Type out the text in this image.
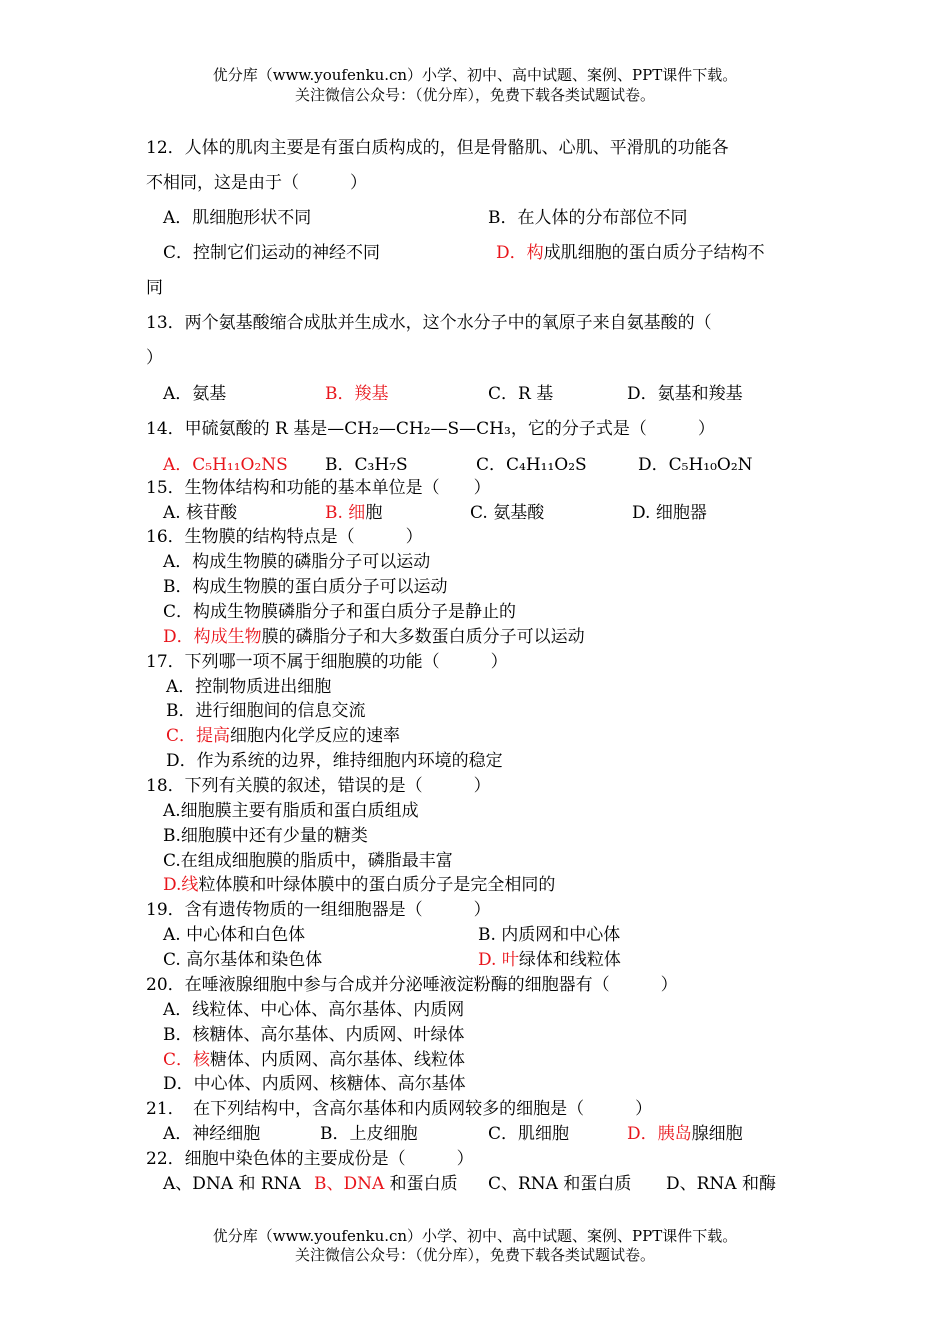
优分库（www.youfenku.cn）小学、初中、高中试题、案例、PPT课件下载。
关注微信公众号：（优分库），免费下载各类试题试卷。
12．人体的肌肉主要是有蛋白质构成的，但是骨骼肌、心肌、平滑肌的功能各
不相同，这是由于（　　　）
A．肌细胞形状不同	B．在人体的分布部位不同
C．控制它们运动的神经不同	D．构成肌细胞的蛋白质分子结构不
同
13．两个氨基酸缩合成肽并生成水，这个水分子中的氧原子来自氨基酸的（
）
A．氨基	B．羧基	C．R 基	D．氨基和羧基
14．甲硫氨酸的 R 基是—CH₂—CH₂—S—CH₃，它的分子式是（　　　）
A．C₅H₁₁O₂NS B．C₃H₇S	C．C₄H₁₁O₂S	D．C₅H₁₀O₂N
15．生物体结构和功能的基本单位是（　　）
A. 核苷酸	B. 细胞	C. 氨基酸	D. 细胞器
16．生物膜的结构特点是（　　　）
A．构成生物膜的磷脂分子可以运动
B．构成生物膜的蛋白质分子可以运动
C．构成生物膜磷脂分子和蛋白质分子是静止的
D．构成生物膜的磷脂分子和大多数蛋白质分子可以运动
17．下列哪一项不属于细胞膜的功能（　　　）
A．控制物质进出细胞
B．进行细胞间的信息交流
C．提高细胞内化学反应的速率
D．作为系统的边界，维持细胞内环境的稳定
18．下列有关膜的叙述，错误的是（　　　）
A.细胞膜主要有脂质和蛋白质组成
B.细胞膜中还有少量的糖类
C.在组成细胞膜的脂质中，磷脂最丰富
D.线粒体膜和叶绿体膜中的蛋白质分子是完全相同的
19．含有遗传物质的一组细胞器是（　　　）
A. 中心体和白色体	B. 内质网和中心体
C. 高尔基体和染色体	D. 叶绿体和线粒体
20．在唾液腺细胞中参与合成并分泌唾液淀粉酶的细胞器有（　　　）
A．线粒体、中心体、高尔基体、内质网
B．核糖体、高尔基体、内质网、叶绿体
C．核糖体、内质网、高尔基体、线粒体
D．中心体、内质网、核糖体、高尔基体
21．　在下列结构中，含高尔基体和内质网较多的细胞是（　　　）
A．神经细胞	B．上皮细胞	C．肌细胞	D．胰岛腺细胞
22．细胞中染色体的主要成份是（　　　）
A、DNA 和 RNA B、DNA 和蛋白质 C、RNA 和蛋白质 D、RNA 和酶
优分库（www.youfenku.cn）小学、初中、高中试题、案例、PPT课件下载。
关注微信公众号：（优分库），免费下载各类试题试卷。
